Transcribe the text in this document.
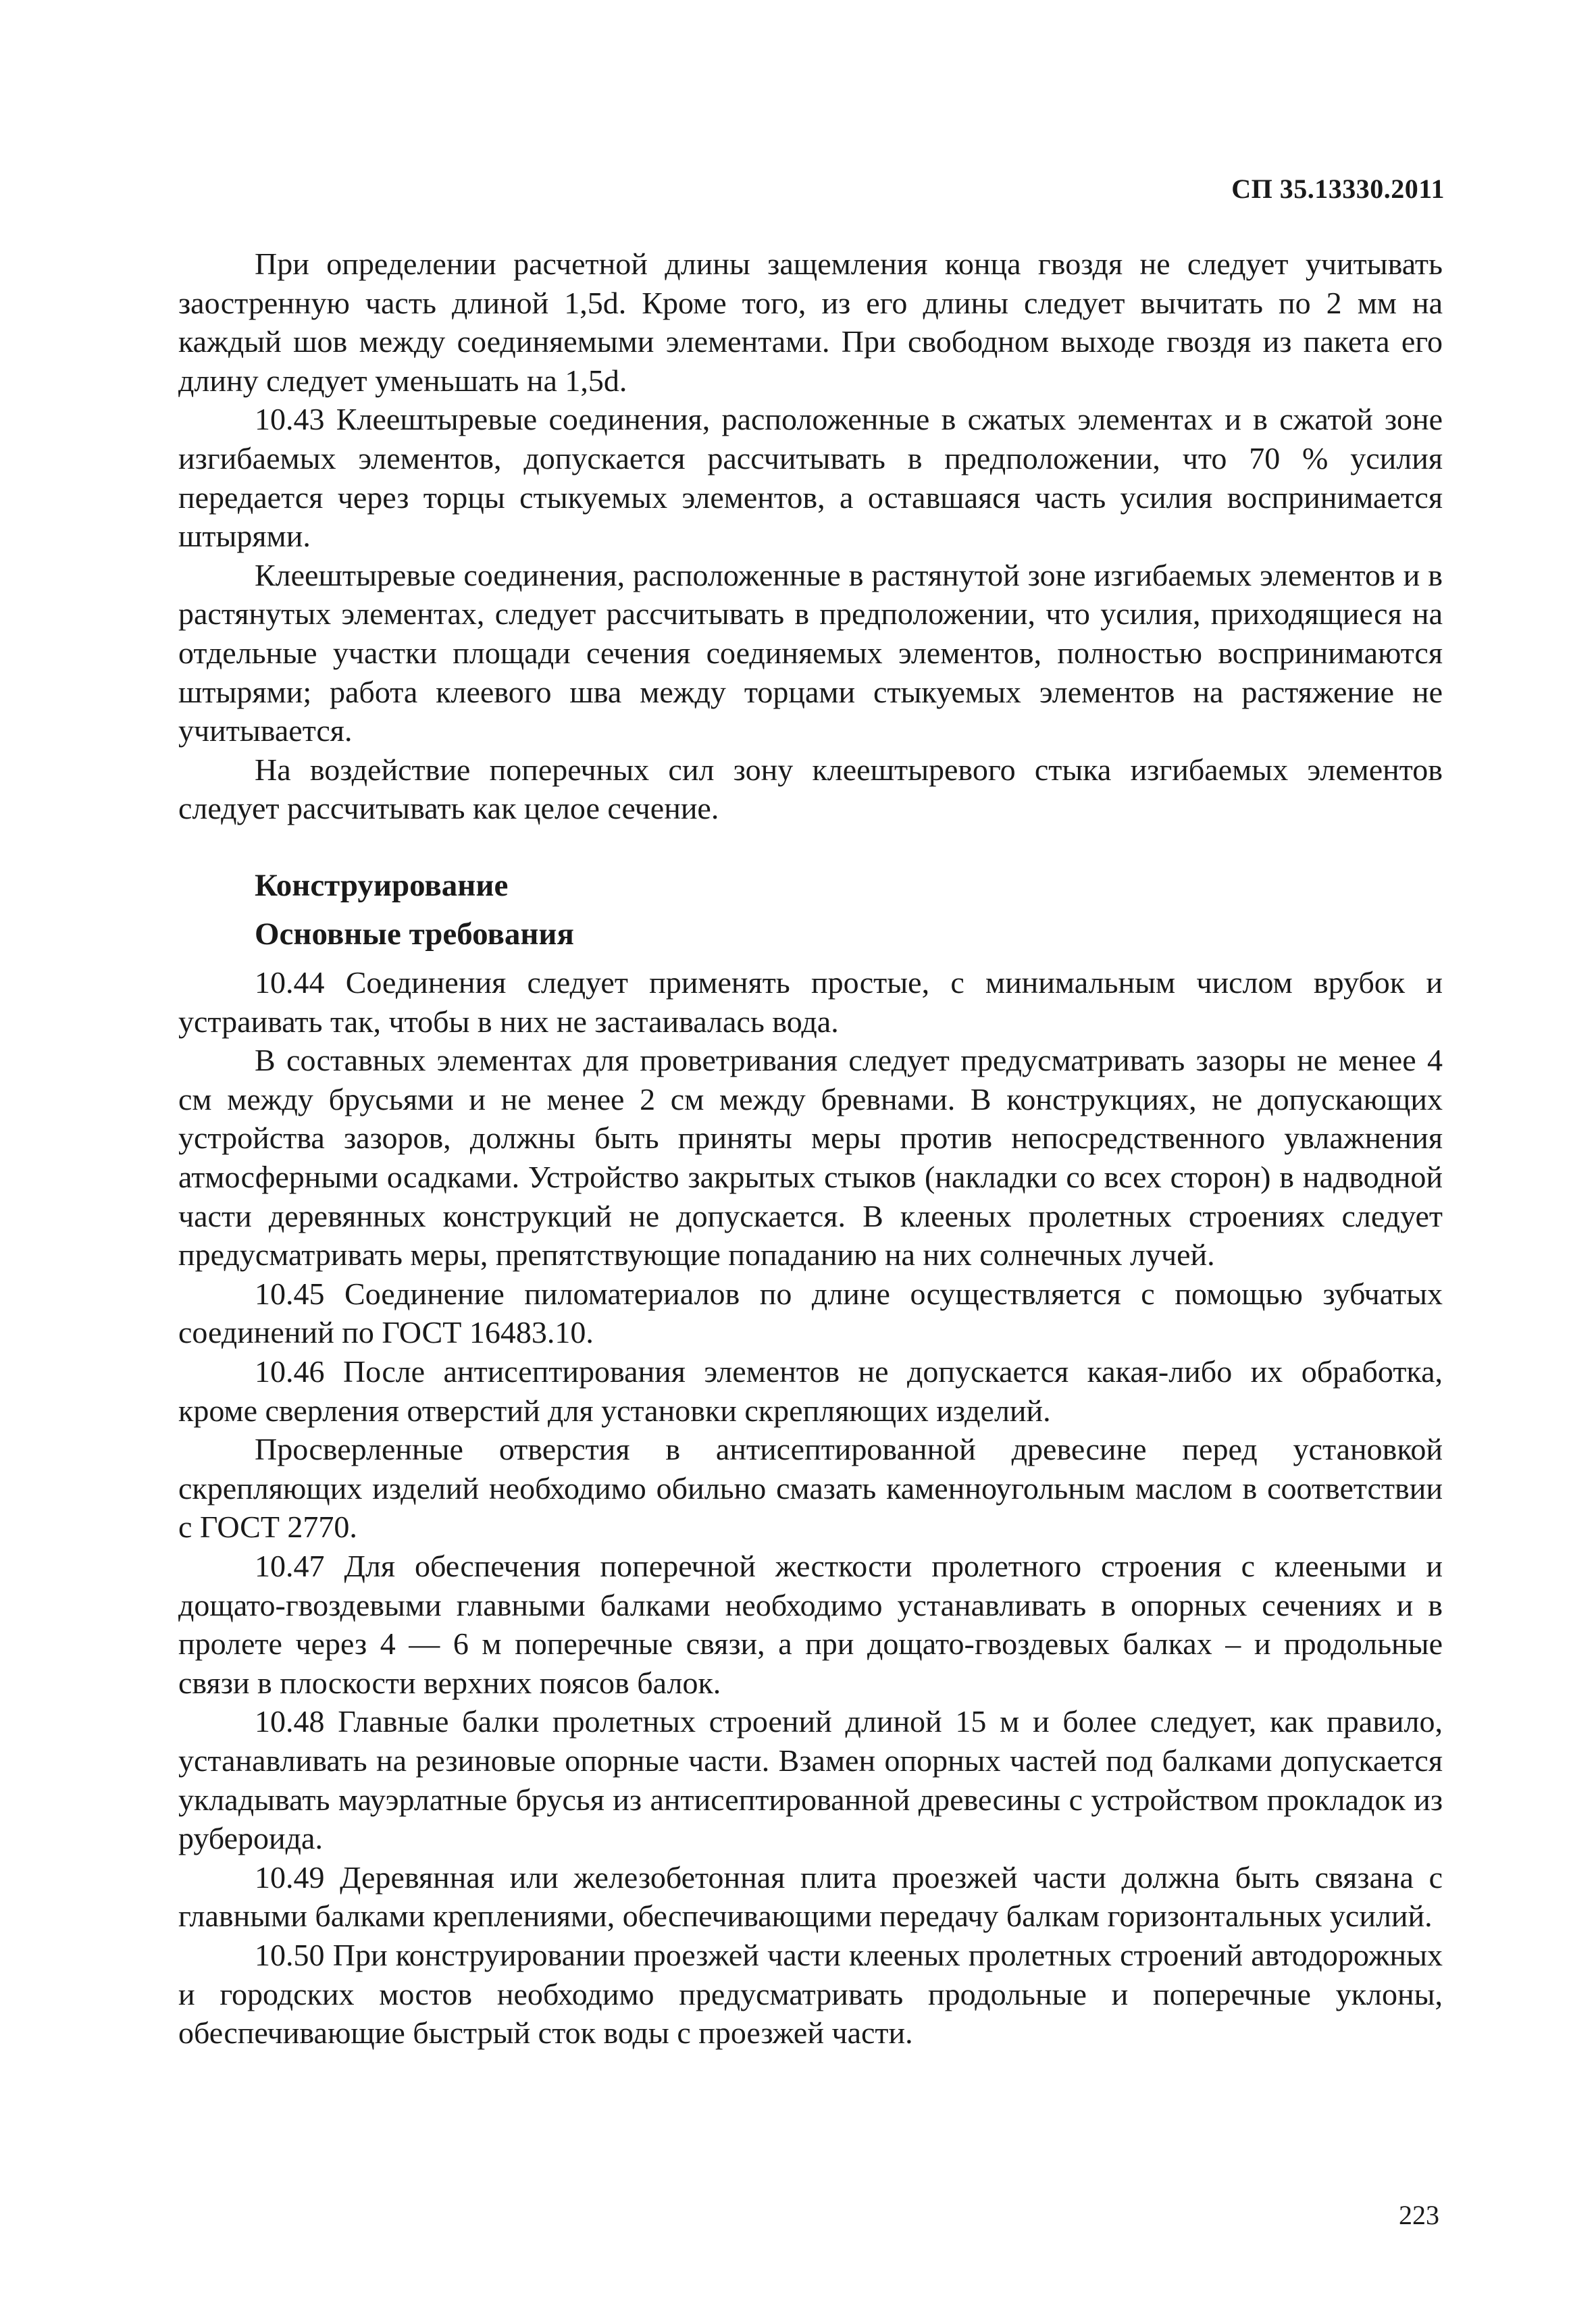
СП 35.13330.2011

При определении расчетной длины защемления конца гвоздя не следует учитывать заостренную часть длиной 1,5d. Кроме того, из его длины следует вычитать по 2 мм на каждый шов между соединяемыми элементами. При свободном выходе гвоздя из пакета его длину следует уменьшать на 1,5d.

10.43 Клеештыревые соединения, расположенные в сжатых элементах и в сжатой зоне изгибаемых элементов, допускается рассчитывать в предположении, что 70 % усилия передается через торцы стыкуемых элементов, а оставшаяся часть усилия воспринимается штырями.

Клеештыревые соединения, расположенные в растянутой зоне изгибаемых элементов и в растянутых элементах, следует рассчитывать в предположении, что усилия, приходящиеся на отдельные участки площади сечения соединяемых элементов, полностью воспринимаются штырями; работа клеевого шва между торцами стыкуемых элементов на растяжение не учитывается.

На воздействие поперечных сил зону клеештыревого стыка изгибаемых элементов следует рассчитывать как целое сечение.

Конструирование
Основные требования

10.44 Соединения следует применять простые, с минимальным числом врубок и устраивать так, чтобы в них не застаивалась вода.

В составных элементах для проветривания следует предусматривать зазоры не менее 4 см между брусьями и не менее 2 см между бревнами. В конструкциях, не допускающих устройства зазоров, должны быть приняты меры против непосредственного увлажнения атмосферными осадками. Устройство закрытых стыков (накладки со всех сторон) в надводной части деревянных конструкций не допускается. В клееных пролетных строениях следует предусматривать меры, препятствующие попаданию на них солнечных лучей.

10.45 Соединение пиломатериалов по длине осуществляется с помощью зубчатых соединений по ГОСТ 16483.10.

10.46 После антисептирования элементов не допускается какая-либо их обработка, кроме сверления отверстий для установки скрепляющих изделий.

Просверленные отверстия в антисептированной древесине перед установкой скрепляющих изделий необходимо обильно смазать каменноугольным маслом в соответствии с ГОСТ 2770.

10.47 Для обеспечения поперечной жесткости пролетного строения с клееными и дощато-гвоздевыми главными балками необходимо устанавливать в опорных сечениях и в пролете через 4 — 6 м поперечные связи, а при дощато-гвоздевых балках – и продольные связи в плоскости верхних поясов балок.

10.48 Главные балки пролетных строений длиной 15 м и более следует, как правило, устанавливать на резиновые опорные части. Взамен опорных частей под балками допускается укладывать мауэрлатные брусья из антисептированной древесины с устройством прокладок из рубероида.

10.49 Деревянная или железобетонная плита проезжей части должна быть связана с главными балками креплениями, обеспечивающими передачу балкам горизонтальных усилий.

10.50 При конструировании проезжей части клееных пролетных строений автодорожных и городских мостов необходимо предусматривать продольные и поперечные уклоны, обеспечивающие быстрый сток воды с проезжей части.

223
